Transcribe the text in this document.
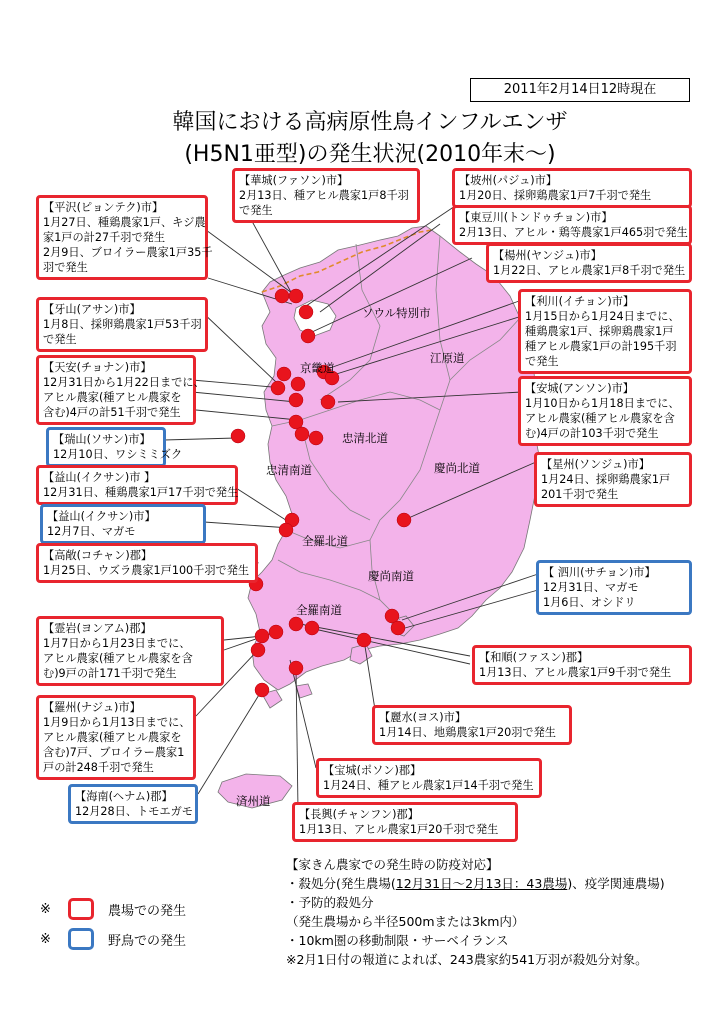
2011年2月14日12時現在
韓国における高病原性鳥インフルエンザ
(H5N1亜型)の発生状況(2010年末～)
ソウル特別市
京畿道
江原道
忠清北道
忠清南道	慶尚北道
全羅北道
慶尚南道
全羅南道
済州道
【華城(ファソン)市】
2月13日、種アヒル農家1戸8千羽
で発生
【坡州(パジュ)市】
1月20日、採卵鶏農家1戸7千羽で発生
【平沢(ピョンテク)市】
1月27日、種鶏農家1戸、キジ農
家1戸の計27千羽で発生
2月9日、ブロイラー農家1戸35千
羽で発生
【東豆川(トンドゥチョン)市】
2月13日、アヒル・鶏等農家1戸465羽で発生
【楊州(ヤンジュ)市】
1月22日、アヒル農家1戸8千羽で発生
【牙山(アサン)市】
1月8日、採卵鶏農家1戸53千羽
で発生
【利川(イチョン)市】
1月15日から1月24日までに、
種鶏農家1戸、採卵鶏農家1戸
種アヒル農家1戸の計195千羽
で発生
【天安(チョナン)市】
12月31日から1月22日までに、
アヒル農家(種アヒル農家を
含む)4戸の計51千羽で発生
【安城(アンソン)市】
1月10日から1月18日までに、
アヒル農家(種アヒル農家を含
む)4戸の計103千羽で発生
【瑞山(ソサン)市】
12月10日、ワシミミズク
【益山(イクサン)市 】
12月31日、種鶏農家1戸17千羽で発生
【星州(ソンジュ)市】
1月24日、採卵鶏農家1戸
201千羽で発生
【益山(イクサン)市】
12月7日、マガモ
【高敞(コチャン)郡】
1月25日、ウズラ農家1戸100千羽で発生	【 泗川(サチョン)市】
12月31日、マガモ
1月6日、オシドリ
【霊岩(ヨンアム)郡】
1月7日から1月23日までに、
アヒル農家(種アヒル農家を含
む)9戸の計171千羽で発生
【和順(ファスン)郡】
1月13日、アヒル農家1戸9千羽で発生
【羅州(ナジュ)市】
1月9日から1月13日までに、
アヒル農家(種アヒル農家を
含む)7戸、ブロイラー農家1
戸の計248千羽で発生
【麗水(ヨス)市】
1月14日、地鶏農家1戸20羽で発生
【宝城(ポソン)郡】
1月24日、種アヒル農家1戸14千羽で発生
【海南(ヘナム)郡】
12月28日、トモエガモ	【長興(チャンフン)郡】
1月13日、アヒル農家1戸20千羽で発生
【家きん農家での発生時の防疫対応】
・殺処分(発生農場(12月31日～2月13日：43農場)、疫学関連農場)
・予防的殺処分
（発生農場から半径500mまたは3km内）
・10km圏の移動制限・サーベイランス
※2月1日付の報道によれば、243農家約541万羽が殺処分対象。
※	農場での発生
※	野鳥での発生
